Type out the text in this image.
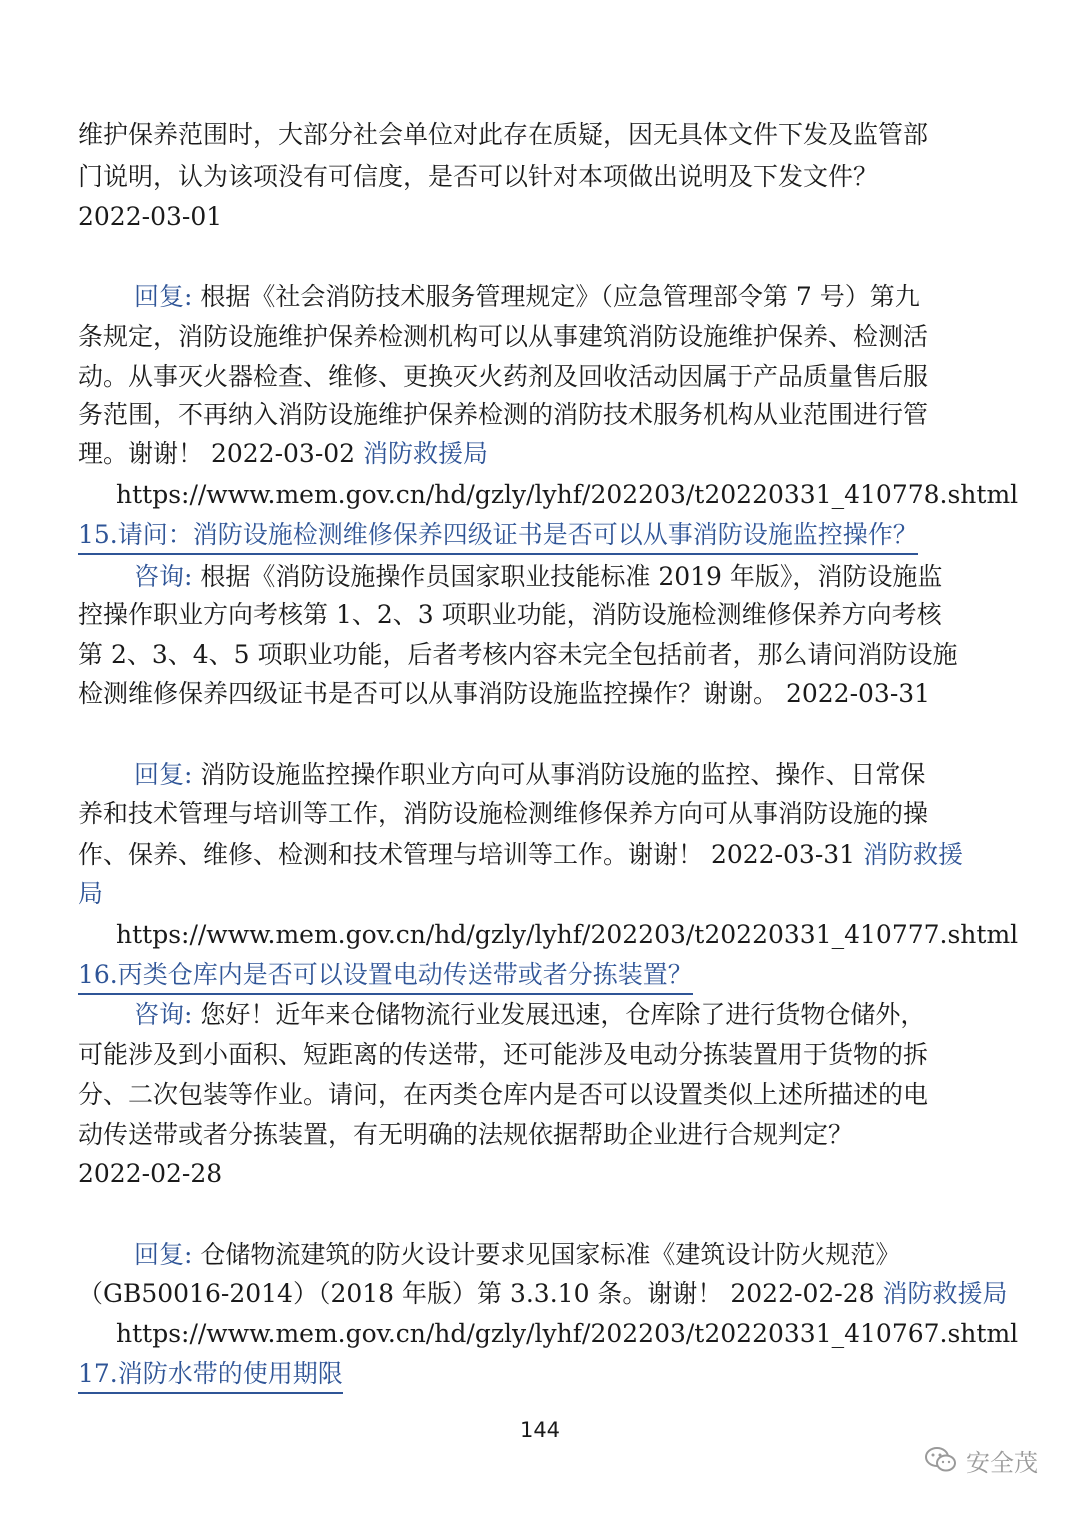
维护保养范围时，大部分社会单位对此存在质疑，因无具体文件下发及监管部
门说明，认为该项没有可信度，是否可以针对本项做出说明及下发文件？
2022-03-01
回复: 根据《社会消防技术服务管理规定》（应急管理部令第 7 号）第九
条规定，消防设施维护保养检测机构可以从事建筑消防设施维护保养、检测活
动。从事灭火器检查、维修、更换灭火药剂及回收活动因属于产品质量售后服
务范围，不再纳入消防设施维护保养检测的消防技术服务机构从业范围进行管
理。谢谢！ 2022-03-02 消防救援局
https://www.mem.gov.cn/hd/gzly/lyhf/202203/t20220331_410778.shtml
15.请问：消防设施检测维修保养四级证书是否可以从事消防设施监控操作？
咨询: 根据《消防设施操作员国家职业技能标准 2019 年版》，消防设施监
控操作职业方向考核第 1、2、3 项职业功能，消防设施检测维修保养方向考核
第 2、3、4、5 项职业功能，后者考核内容未完全包括前者，那么请问消防设施
检测维修保养四级证书是否可以从事消防设施监控操作？谢谢。 2022-03-31
回复: 消防设施监控操作职业方向可从事消防设施的监控、操作、日常保
养和技术管理与培训等工作，消防设施检测维修保养方向可从事消防设施的操
作、保养、维修、检测和技术管理与培训等工作。谢谢！ 2022-03-31 消防救援
局
https://www.mem.gov.cn/hd/gzly/lyhf/202203/t20220331_410777.shtml
16.丙类仓库内是否可以设置电动传送带或者分拣装置？
咨询: 您好！近年来仓储物流行业发展迅速，仓库除了进行货物仓储外，
可能涉及到小面积、短距离的传送带，还可能涉及电动分拣装置用于货物的拆
分、二次包装等作业。请问，在丙类仓库内是否可以设置类似上述所描述的电
动传送带或者分拣装置，有无明确的法规依据帮助企业进行合规判定？
2022-02-28
回复: 仓储物流建筑的防火设计要求见国家标准《建筑设计防火规范》
（GB50016-2014）（2018 年版）第 3.3.10 条。谢谢！ 2022-02-28 消防救援局
https://www.mem.gov.cn/hd/gzly/lyhf/202203/t20220331_410767.shtml
17.消防水带的使用期限
144
安全茂
